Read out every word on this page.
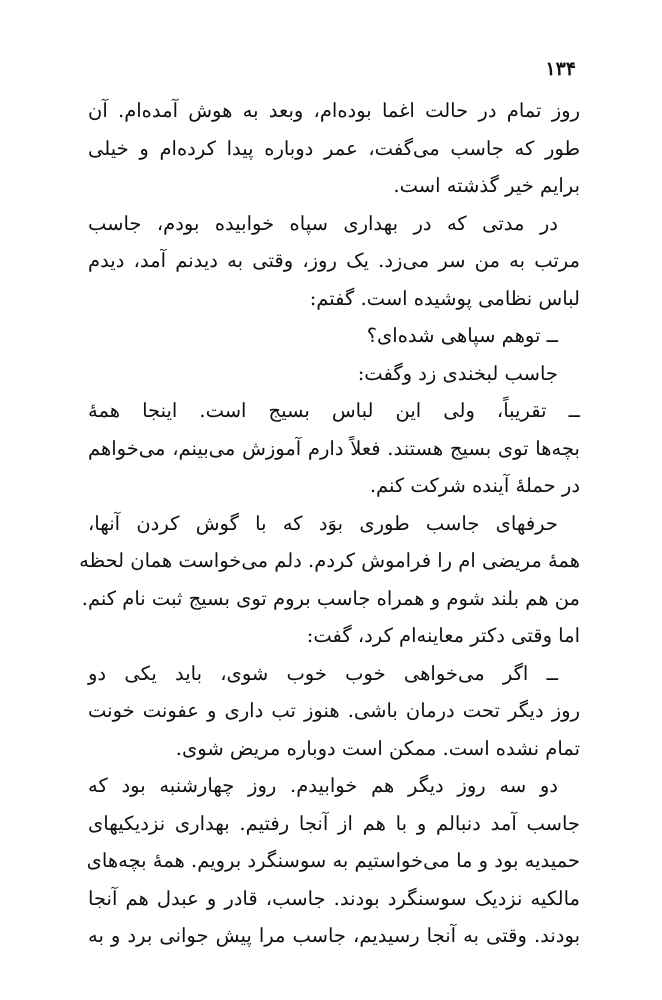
۱۳۴
روز تمام در حالت اغما بوده‌ام، وبعد به هوش آمده‌ام. آن
طور که جاسب می‌گفت، عمر دوباره پیدا کرده‌ام و خیلی
برایم خیر گذشته است.
در مدتی که در بهداری سپاه خوابیده بودم، جاسب
مرتب به من سر می‌زد. یک روز، وقتی به دیدنم آمد، دیدم
لباس نظامی پوشیده است. گفتم:
ــ توهم سپاهی شده‌ای؟
جاسب لبخندی زد وگفت:
ــ تقریباً، ولی این لباس بسیج است. اینجا همهٔ
بچه‌ها توی بسیج هستند. فعلاً دارم آموزش می‌بینم، می‌خواهم
در حملهٔ آینده شرکت کنم.
حرفهای جاسب طوری بوَد که با گوش کردن آنها،
همهٔ مریضی ام را فراموش کردم. دلم می‌خواست همان لحظه
من هم بلند شوم و همراه جاسب بروم توی بسیج ثبت نام کنم.
اما وقتی دکتر معاینه‌ام کرد، گفت:
ــ اگر می‌خواهی خوب خوب شوی، باید یکی دو
روز دیگر تحت درمان باشی. هنوز تب داری و عفونت خونت
تمام نشده است. ممکن است دوباره مریض شوی.
دو سه روز دیگر هم خوابیدم. روز چهارشنبه بود که
جاسب آمد دنبالم و با هم از آنجا رفتیم. بهداری نزدیکیهای
حمیدیه بود و ما می‌خواستیم به سوسنگرد برویم. همهٔ بچه‌های
مالکیه نزدیک سوسنگرد بودند. جاسب، قادر و عبدل هم آنجا
بودند. وقتی به آنجا رسیدیم، جاسب مرا پیش جوانی برد و به
